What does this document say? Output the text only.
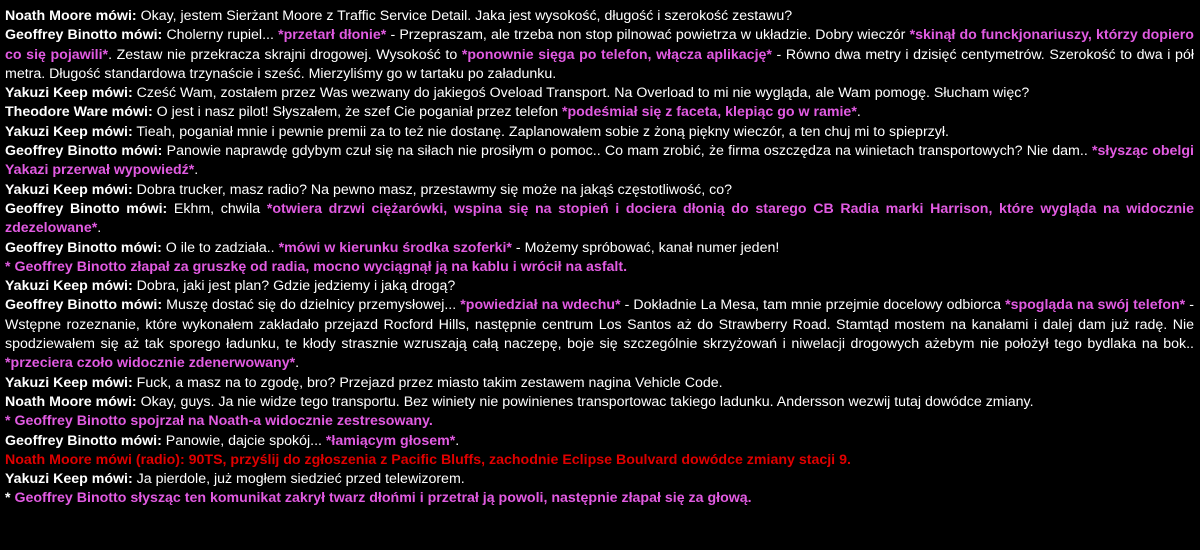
Noath Moore mówi: Okay, jestem Sierżant Moore z Traffic Service Detail. Jaka jest wysokość, długość i szerokość zestawu?

Geoffrey Binotto mówi: Cholerny rupiel... *przetarł dłonie* - Przepraszam, ale trzeba non stop pilnować powietrza w układzie. Dobry wieczór *skinął do funckjonariuszy, którzy dopiero co się pojawili*. Zestaw nie przekracza skrajni drogowej. Wysokość to *ponownie sięga po telefon, włącza aplikację* - Równo dwa metry i dzisięć centymetrów. Szerokość to dwa i pół metra. Długość standardowa trzynaście i sześć. Mierzyliśmy go w tartaku po załadunku.

Yakuzi Keep mówi: Cześć Wam, zostałem przez Was wezwany do jakiegoś Oveload Transport. Na Overload to mi nie wygląda, ale Wam pomogę. Słucham więc?

Theodore Ware mówi: O jest i nasz pilot! Słyszałem, że szef Cie poganiał przez telefon *podeśmiał się z faceta, klepiąc go w ramie*.

Yakuzi Keep mówi: Tieah, poganiał mnie i pewnie premii za to też nie dostanę. Zaplanowałem sobie z żoną piękny wieczór, a ten chuj mi to spieprzył.

Geoffrey Binotto mówi: Panowie naprawdę gdybym czuł się na siłach nie prosiłym o pomoc.. Co mam zrobić, że firma oszczędza na winietach transportowych? Nie dam.. *słysząc obelgi Yakazi przerwał wypowiedź*.

Yakuzi Keep mówi: Dobra trucker, masz radio? Na pewno masz, przestawmy się może na jakąś częstotliwość, co?

Geoffrey Binotto mówi: Ekhm, chwila *otwiera drzwi ciężarówki, wspina się na stopień i dociera dłonią do starego CB Radia marki Harrison, które wygląda na widocznie zdezelowane*.

Geoffrey Binotto mówi: O ile to zadziała.. *mówi w kierunku środka szoferki* - Możemy spróbować, kanał numer jeden!

* Geoffrey Binotto złapał za gruszkę od radia, mocno wyciągnął ją na kablu i wrócił na asfalt.

Yakuzi Keep mówi: Dobra, jaki jest plan? Gdzie jedziemy i jaką drogą?

Geoffrey Binotto mówi: Muszę dostać się do dzielnicy przemysłowej... *powiedział na wdechu* - Dokładnie La Mesa, tam mnie przejmie docelowy odbiorca *spogląda na swój telefon* - Wstępne rozeznanie, które wykonałem zakładało przejazd Rocford Hills, następnie centrum Los Santos aż do Strawberry Road. Stamtąd mostem na kanałami i dalej dam już radę. Nie spodziewałem się aż tak sporego ładunku, te kłody strasznie wzruszają całą naczepę, boje się szczególnie skrzyżowań i niwelacji drogowych ażebym nie położył tego bydlaka na bok.. *przeciera czoło widocznie zdenerwowany*.

Yakuzi Keep mówi: Fuck, a masz na to zgodę, bro? Przejazd przez miasto takim zestawem nagina Vehicle Code.

Noath Moore mówi: Okay, guys. Ja nie widze tego transportu. Bez winiety nie powinienes transportowac takiego ladunku. Andersson wezwij tutaj dowódce zmiany.

* Geoffrey Binotto spojrzał na Noath-a widocznie zestresowany.

Geoffrey Binotto mówi: Panowie, dajcie spokój... *łamiącym głosem*.

Noath Moore mówi (radio): 90TS, przyślij do zgłoszenia z Pacific Bluffs, zachodnie Eclipse Boulvard dowódce zmiany stacji 9.

Yakuzi Keep mówi: Ja pierdole, już mogłem siedzieć przed telewizorem.

* Geoffrey Binotto słysząc ten komunikat zakrył twarz dłońmi i przetrał ją powoli, następnie złapał się za głową.
